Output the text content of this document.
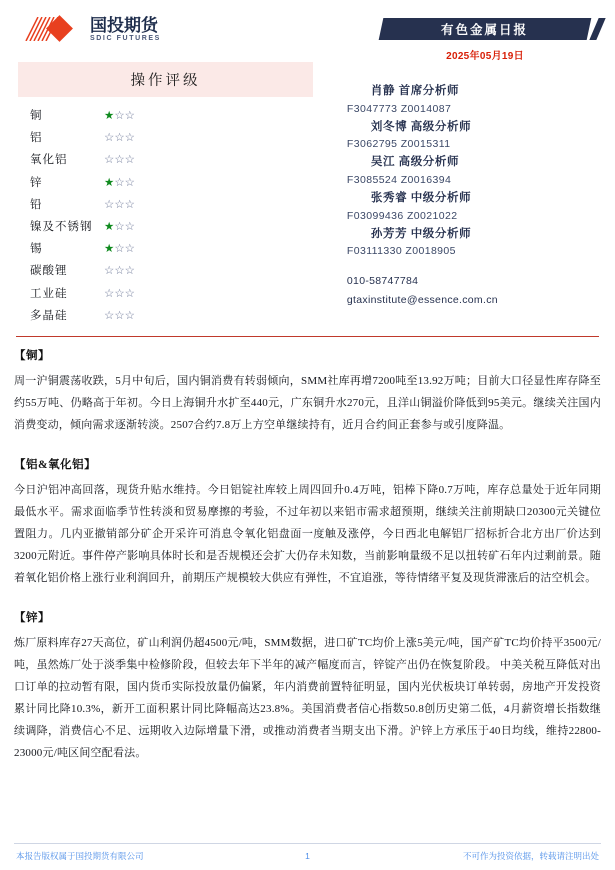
国投期货
SDIC FUTURES
有色金属日报
2025年05月19日
操作评级
铜	★☆☆
铝	☆☆☆
氧化铝	☆☆☆
锌	★☆☆
铅	☆☆☆
镍及不锈钢	★☆☆
锡	★☆☆
碳酸锂	☆☆☆
工业硅	☆☆☆
多晶硅	☆☆☆
肖静 首席分析师
F3047773 Z0014087
刘冬博 高级分析师
F3062795 Z0015311
吴江 高级分析师
F3085524 Z0016394
张秀睿 中级分析师
F03099436 Z0021022
孙芳芳 中级分析师
F03111330 Z0018905
010-58747784
gtaxinstitute@essence.com.cn
【铜】
周一沪铜震荡收跌，5月中旬后，国内铜消费有转弱倾向，SMM社库再增7200吨至13.92万吨；目前大口径显性库存降至约55万吨、仍略高于年初。今日上海铜升水扩至440元，广东铜升水270元，且洋山铜溢价降低到95美元。继续关注国内消费变动，倾向需求逐渐转淡。2507合约7.8万上方空单继续持有，近月合约间正套参与或引度降温。
【铝&氧化铝】
今日沪铝冲高回落，现货升贴水维持。今日铝锭社库较上周四回升0.4万吨，铝棒下降0.7万吨，库存总量处于近年同期最低水平。需求面临季节性转淡和贸易摩擦的考验，不过年初以来铝市需求超预期，继续关注前期缺口20300元关键位置阻力。几内亚撤销部分矿企开采许可消息令氧化铝盘面一度触及涨停，今日西北电解铝厂招标折合北方出厂价达到3200元附近。事件停产影响具体时长和是否规模还会扩大仍存未知数，当前影响量级不足以扭转矿石年内过剩前景。随着氧化铝价格上涨行业利润回升，前期压产规模较大供应有弹性，不宜追涨，等待情绪平复及现货滞涨后的沽空机会。
【锌】
炼厂原料库存27天高位，矿山利润仍超4500元/吨，SMM数据，进口矿TC均价上涨5美元/吨，国产矿TC均价持平3500元/吨，虽然炼厂处于淡季集中检修阶段，但较去年下半年的减产幅度而言，锌锭产出仍在恢复阶段。 中美关税互降低对出口订单的拉动暂有限，国内货币实际投放量仍偏紧，年内消费前置特征明显，国内光伏板块订单转弱，房地产开发投资累计同比降10.3%，新开工面积累计同比降幅高达23.8%。美国消费者信心指数50.8创历史第二低，4月薪资增长指数继续调降，消费信心不足、远期收入边际增量下滑，或推动消费者当期支出下滑。沪锌上方承压于40日均线，维持22800-23000元/吨区间空配看法。
本报告版权属于国投期货有限公司	1	不可作为投资依据，转载请注明出处
